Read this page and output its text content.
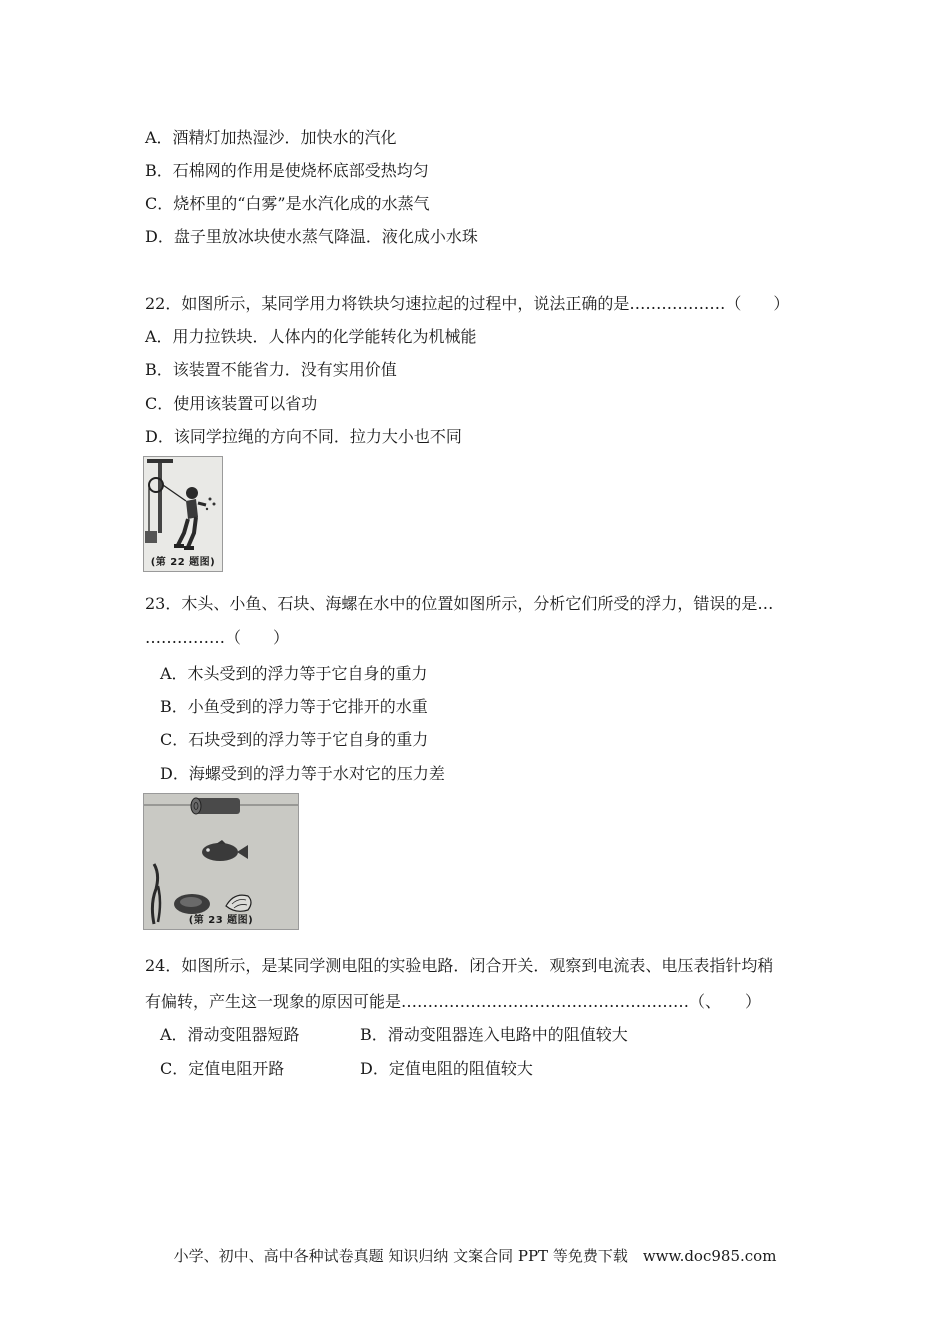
A．酒精灯加热湿沙．加快水的汽化
B．石棉网的作用是使烧杯底部受热均匀
C．烧杯里的“白雾”是水汽化成的水蒸气
D．盘子里放冰块使水蒸气降温．液化成小水珠
22．如图所示，某同学用力将铁块匀速拉起的过程中，说法正确的是………………（　　）
A．用力拉铁块．人体内的化学能转化为机械能
B．该装置不能省力．没有实用价值
C．使用该装置可以省功
D．该同学拉绳的方向不同．拉力大小也不同
(第 22 题图)
23．木头、小鱼、石块、海螺在水中的位置如图所示，分析它们所受的浮力，错误的是…
……………（　　）
A．木头受到的浮力等于它自身的重力
B．小鱼受到的浮力等于它排开的水重
C．石块受到的浮力等于它自身的重力
D．海螺受到的浮力等于水对它的压力差
(第 23 题图)
24．如图所示，是某同学测电阻的实验电路．闭合开关．观察到电流表、电压表指针均稍
有偏转，产生这一现象的原因可能是………………………………………………（、　　）
A．滑动变阻器短路	B．滑动变阻器连入电路中的阻值较大
C．定值电阻开路	D．定值电阻的阻值较大
小学、初中、高中各种试卷真题 知识归纳 文案合同 PPT 等免费下载　www.doc985.com
